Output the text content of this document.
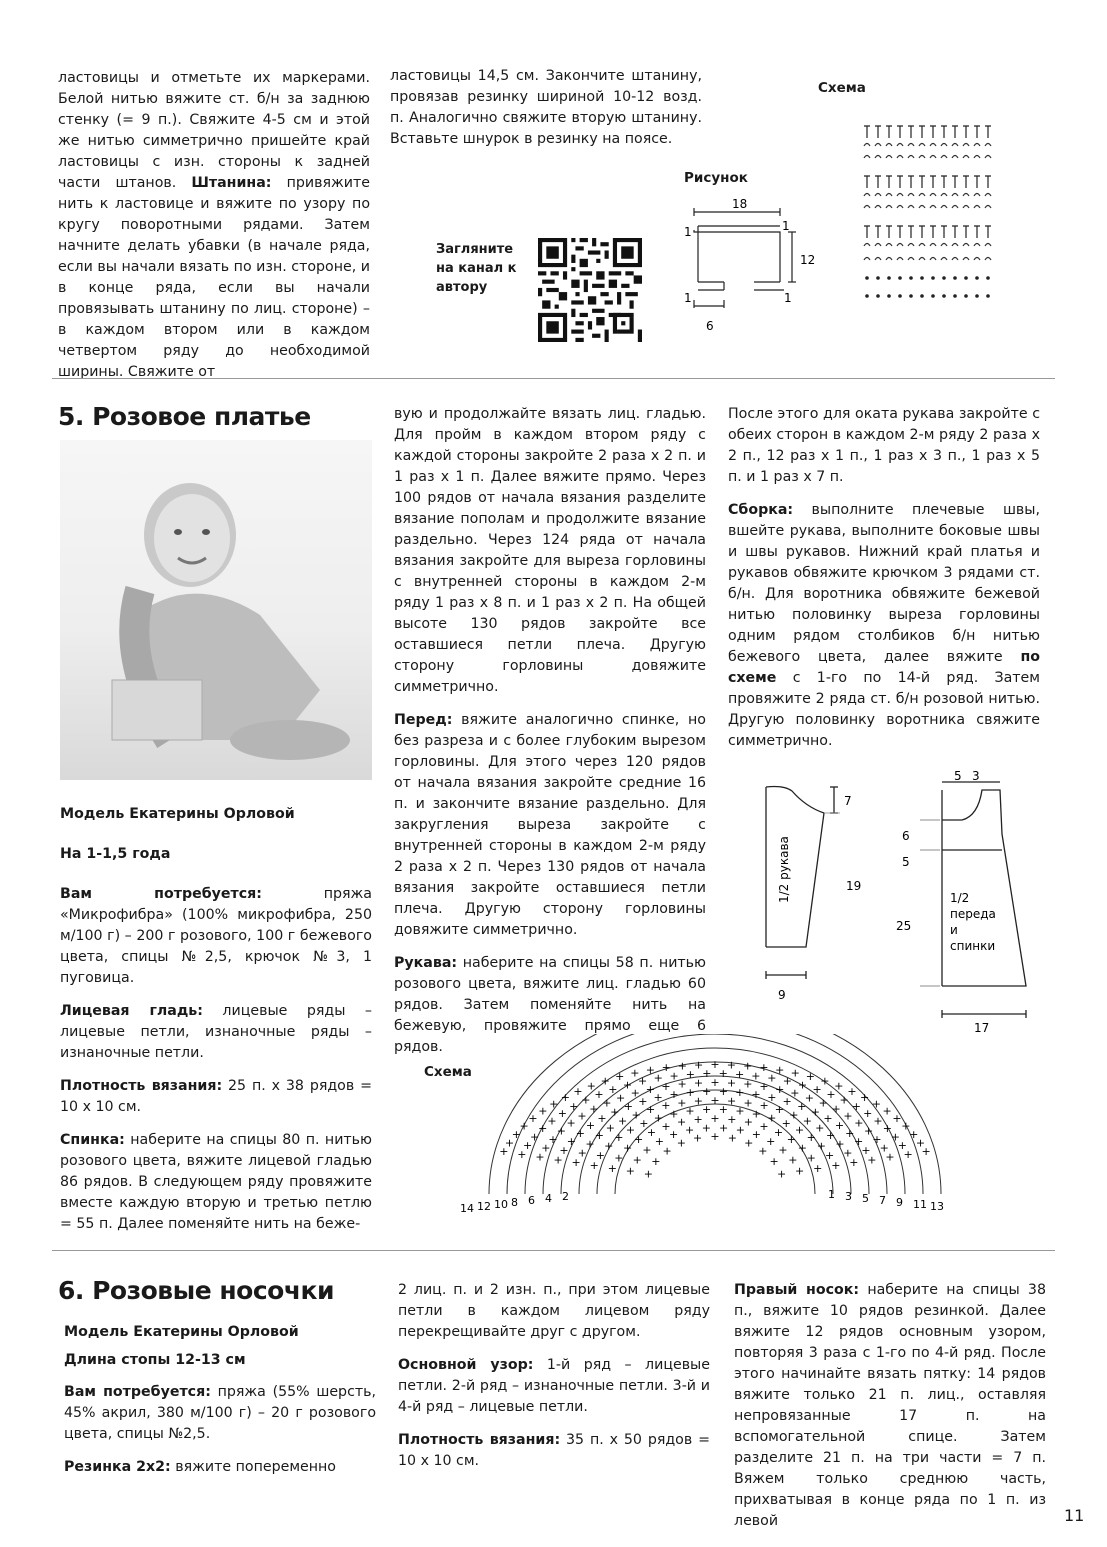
ластовицы и отметьте их маркерами. Белой нитью вяжите ст. б/н за заднюю стенку (= 9 п.). Свяжите 4-5 см и этой же нитью симметрично пришейте край ластовицы с изн. стороны к задней части штанов. Штанина: привяжите нить к ластовице и вяжите по узору по кругу поворотными рядами. Затем начните делать убавки (в начале ряда, если вы начали вязать по изн. стороне, и в конце ряда, если вы начали провязывать штанину по лиц. стороне) – в каждом втором или в каждом четвертом ряду до необходимой ширины. Свяжите от
ластовицы 14,5 см. Закончите штанину, провязав резинку шириной 10-12 возд. п. Аналогично свяжите вторую штанину. Вставьте шнурок в резинку на поясе.
Загляните на канал к автору
Рисунок
18
1	1
12
1	1
6
Схема
5. Розовое платье
Модель Екатерины Орловой
На 1-1,5 года

Вам потребуется: пряжа «Микрофибра» (100% микрофибра, 250 м/100 г) – 200 г розового, 100 г бежевого цвета, спицы №2,5, крючок №3, 1 пуговица.

Лицевая гладь: лицевые ряды – лицевые петли, изнаночные ряды – изнаночные петли.

Плотность вязания: 25 п. х 38 рядов = 10 х 10 см.

Спинка: наберите на спицы 80 п. нитью розового цвета, вяжите лицевой гладью 86 рядов. В следующем ряду провяжите вместе каждую вторую и третью петлю = 55 п. Далее поменяйте нить на беже-

вую и продолжайте вязать лиц. гладью. Для пройм в каждом втором ряду с каждой стороны закройте 2 раза х 2 п. и 1 раз х 1 п. Далее вяжите прямо. Через 100 рядов от начала вязания разделите вязание пополам и продолжите вязание раздельно. Через 124 ряда от начала вязания закройте для выреза горловины с внутренней стороны в каждом 2-м ряду 1 раз х 8 п. и 1 раз х 2 п. На общей высоте 130 рядов закройте все оставшиеся петли плеча. Другую сторону горловины довяжите симметрично.

Перед: вяжите аналогично спинке, но без разреза и с более глубоким вырезом горловины. Для этого через 120 рядов от начала вязания закройте средние 16 п. и закончите вязание раздельно. Для закругления выреза закройте с внутренней стороны в каждом 2-м ряду 2 раза х 2 п. Через 130 рядов от начала вязания закройте оставшиеся петли плеча. Другую сторону горловины довяжите симметрично.

Рукава: наберите на спицы 58 п. нитью розового цвета, вяжите лиц. гладью 60 рядов. Затем поменяйте нить на бежевую, провяжите прямо еще 6 рядов.

После этого для оката рукава закройте с обеих сторон в каждом 2-м ряду 2 раза х 2 п., 12 раз х 1 п., 1 раз х 3 п., 1 раз х 5 п. и 1 раз х 7 п.

Сборка: выполните плечевые швы, вшейте рукава, выполните боковые швы и швы рукавов. Нижний край платья и рукавов обвяжите крючком 3 рядами ст. б/н. Для воротника обвяжите бежевой нитью половинку выреза горловины одним рядом столбиков б/н нитью бежевого цвета, далее вяжите по схеме с 1-го по 14-й ряд. Затем провяжите 2 ряда ст. б/н розовой нитью. Другую половинку воротника свяжите симметрично.

7
19
9
1/2 рукава
5 3
6
5
25
17
1/2
переда
и
спинки
Схема
+
+
+
+ + + + +
+
+
+
+
+
+
+
+ + + + + +
+
+
+
+
+
+
+
+
+ + + + + + + + +
+
+
+
+
+
+
+
+
+
+ + + + + + + + + +
+
+
+
+
+
+
+
+
+
+
+ + + + + + + + + + + + +
+
+
+
+
+
+
+
+
+
+
+ + + + + + + + + + + + + + + +
+
+
+
+
+
+
+
+
+
+
+
+ + + + + + + + + + + + + + + + +
+
+
+
+
+
+
+
+
+
+
+
+
+ + + + + + + + + + + + + + + + + + + +
+
+
+
+
+
+
+
+
+
+
+
+
+ + + + + + + + + + + + + + + + + + + + + + +
+
+
+
+
+
+
14 12 10 8 6 4 2	1 3 5 7 9 11 13
6. Розовые носочки
Модель Екатерины Орловой
Длина стопы 12-13 см

Вам потребуется: пряжа (55% шерсть, 45% акрил, 380 м/100 г) – 20 г розового цвета, спицы №2,5.

Резинка 2х2: вяжите попеременно

2 лиц. п. и 2 изн. п., при этом лицевые петли в каждом лицевом ряду перекрещивайте друг с другом.

Основной узор: 1-й ряд – лицевые петли. 2-й ряд – изнаночные петли. 3-й и 4-й ряд – лицевые петли.

Плотность вязания: 35 п. х 50 рядов = 10 х 10 см.

Правый носок: наберите на спицы 38 п., вяжите 10 рядов резинкой. Далее вяжите 12 рядов основным узором, повторяя 3 раза с 1-го по 4-й ряд. После этого начинайте вязать пятку: 14 рядов вяжите только 21 п. лиц., оставляя непровязанные 17 п. на вспомогательной спице. Затем разделите 21 п. на три части = 7 п. Вяжем только среднюю часть, прихватывая в конце ряда по 1 п. из левой	11
